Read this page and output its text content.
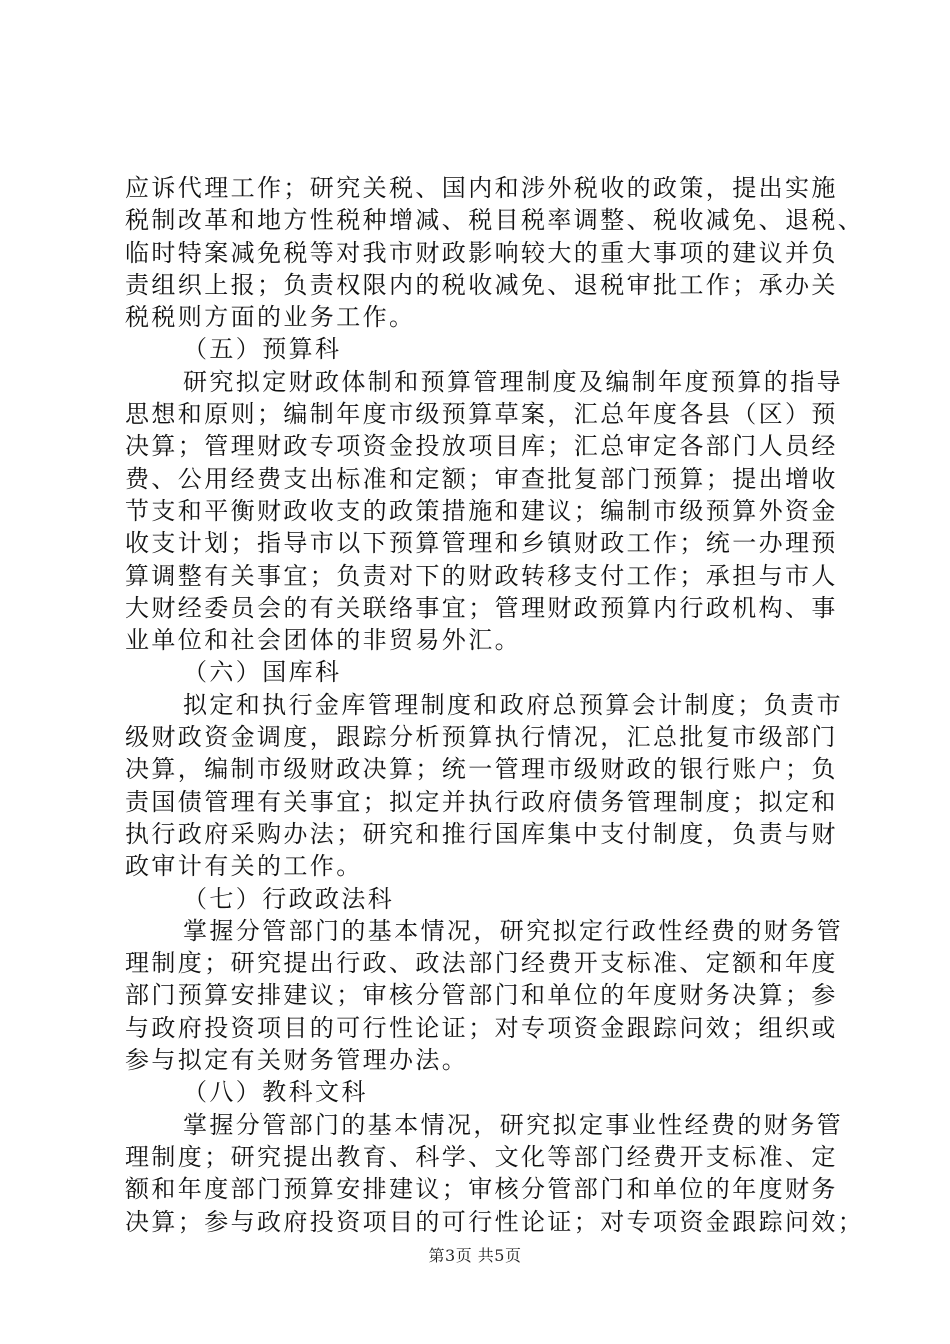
应诉代理工作；研究关税、国内和涉外税收的政策，提出实施
税制改革和地方性税种增减、税目税率调整、税收减免、退税、
临时特案减免税等对我市财政影响较大的重大事项的建议并负
责组织上报；负责权限内的税收减免、退税审批工作；承办关
税税则方面的业务工作。
（五）预算科
研究拟定财政体制和预算管理制度及编制年度预算的指导
思想和原则；编制年度市级预算草案，汇总年度各县（区）预
决算；管理财政专项资金投放项目库；汇总审定各部门人员经
费、公用经费支出标准和定额；审查批复部门预算；提出增收
节支和平衡财政收支的政策措施和建议；编制市级预算外资金
收支计划；指导市以下预算管理和乡镇财政工作；统一办理预
算调整有关事宜；负责对下的财政转移支付工作；承担与市人
大财经委员会的有关联络事宜；管理财政预算内行政机构、事
业单位和社会团体的非贸易外汇。
（六）国库科
拟定和执行金库管理制度和政府总预算会计制度；负责市
级财政资金调度，跟踪分析预算执行情况，汇总批复市级部门
决算，编制市级财政决算；统一管理市级财政的银行账户；负
责国债管理有关事宜；拟定并执行政府债务管理制度；拟定和
执行政府采购办法；研究和推行国库集中支付制度，负责与财
政审计有关的工作。
（七）行政政法科
掌握分管部门的基本情况，研究拟定行政性经费的财务管
理制度；研究提出行政、政法部门经费开支标准、定额和年度
部门预算安排建议；审核分管部门和单位的年度财务决算；参
与政府投资项目的可行性论证；对专项资金跟踪问效；组织或
参与拟定有关财务管理办法。
（八）教科文科
掌握分管部门的基本情况，研究拟定事业性经费的财务管
理制度；研究提出教育、科学、文化等部门经费开支标准、定
额和年度部门预算安排建议；审核分管部门和单位的年度财务
决算；参与政府投资项目的可行性论证；对专项资金跟踪问效；
第3页 共5页
